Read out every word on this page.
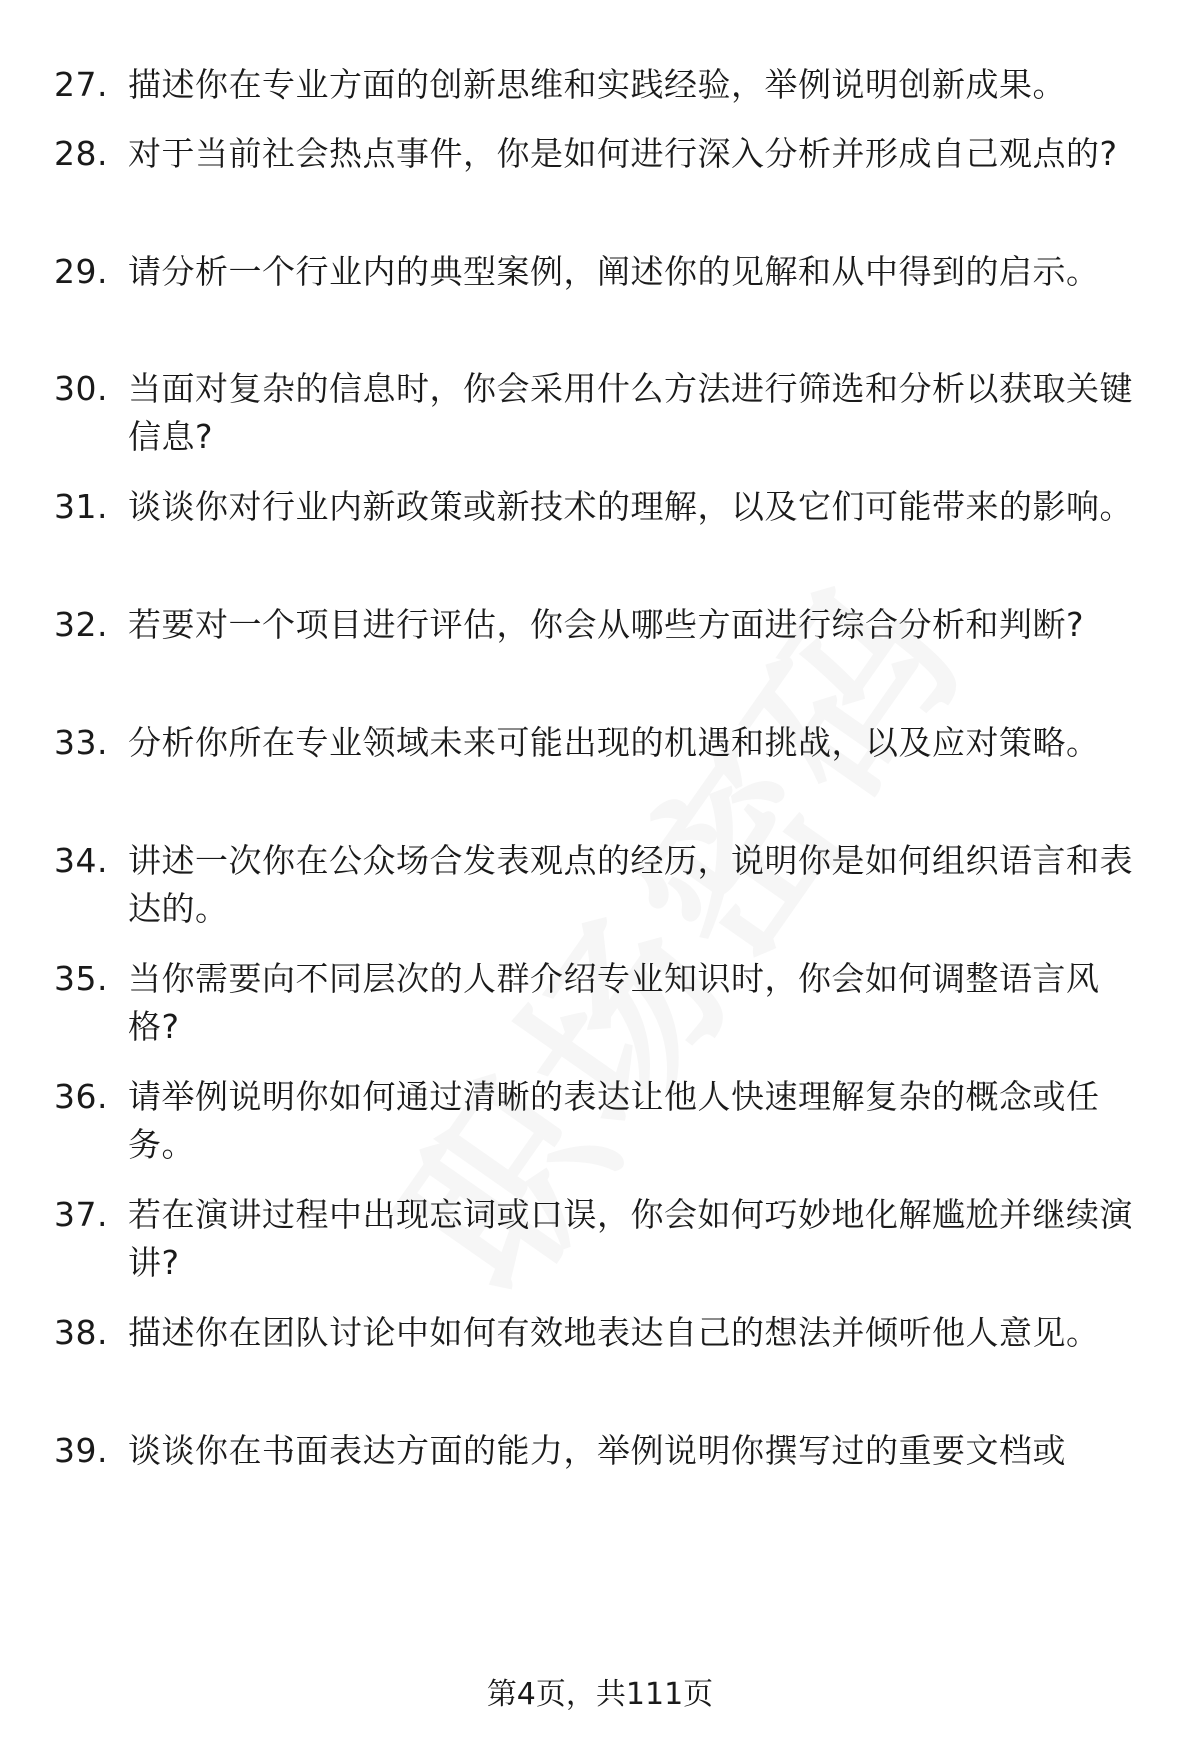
27. 描述你在专业方面的创新思维和实践经验，举例说明创新成果。
28. 对于当前社会热点事件，你是如何进行深入分析并形成自己观点的?
29. 请分析一个行业内的典型案例，阐述你的见解和从中得到的启示。
30. 当面对复杂的信息时，你会采用什么方法进行筛选和分析以获取关键信息?
31. 谈谈你对行业内新政策或新技术的理解，以及它们可能带来的影响。
32. 若要对一个项目进行评估，你会从哪些方面进行综合分析和判断?
33. 分析你所在专业领域未来可能出现的机遇和挑战，以及应对策略。
34. 讲述一次你在公众场合发表观点的经历，说明你是如何组织语言和表达的。
35. 当你需要向不同层次的人群介绍专业知识时，你会如何调整语言风格?
36. 请举例说明你如何通过清晰的表达让他人快速理解复杂的概念或任务。
37. 若在演讲过程中出现忘词或口误，你会如何巧妙地化解尴尬并继续演讲?
38. 描述你在团队讨论中如何有效地表达自己的想法并倾听他人意见。
39. 谈谈你在书面表达方面的能力，举例说明你撰写过的重要文档或
第4页，共111页
